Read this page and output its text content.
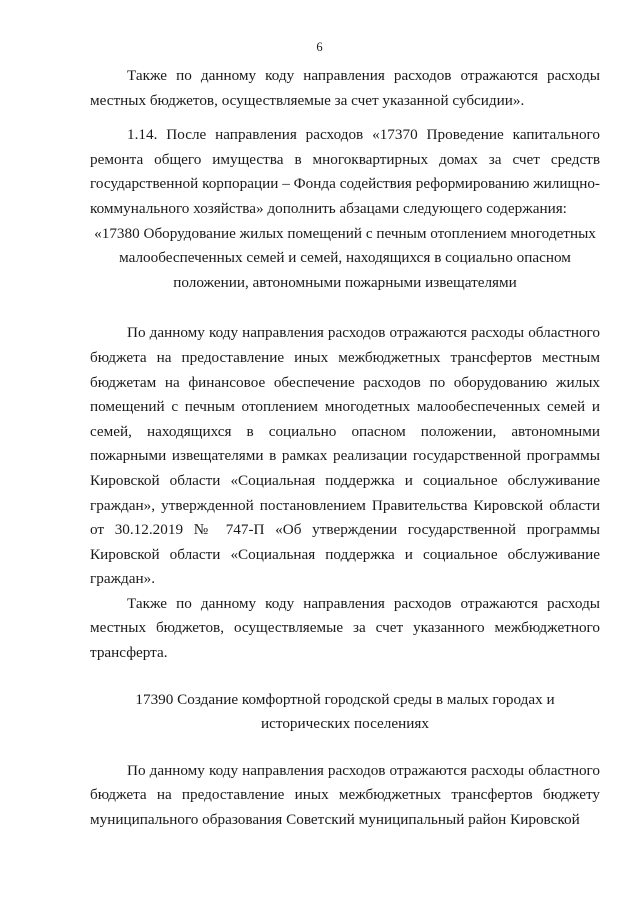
6

Также по данному коду направления расходов отражаются расходы местных бюджетов, осуществляемые за счет указанной субсидии».

1.14. После направления расходов «17370 Проведение капитального ремонта общего имущества в многоквартирных домах за счет средств государственной корпорации – Фонда содействия реформированию жилищно-коммунального хозяйства» дополнить абзацами следующего содержания:

«17380 Оборудование жилых помещений с печным отоплением многодетных малообеспеченных семей и семей, находящихся в социально опасном положении, автономными пожарными извещателями

По данному коду направления расходов отражаются расходы областного бюджета на предоставление иных межбюджетных трансфертов местным бюджетам на финансовое обеспечение расходов по оборудованию жилых помещений с печным отоплением многодетных малообеспеченных семей и семей, находящихся в социально опасном положении, автономными пожарными извещателями в рамках реализации государственной программы Кировской области «Социальная поддержка и социальное обслуживание граждан», утвержденной постановлением Правительства Кировской области от 30.12.2019 № 747-П «Об утверждении государственной программы Кировской области «Социальная поддержка и социальное обслуживание граждан».

Также по данному коду направления расходов отражаются расходы местных бюджетов, осуществляемые за счет указанного межбюджетного трансферта.

17390 Создание комфортной городской среды в малых городах и исторических поселениях

По данному коду направления расходов отражаются расходы областного бюджета на предоставление иных межбюджетных трансфертов бюджету муниципального образования Советский муниципальный район Кировской
